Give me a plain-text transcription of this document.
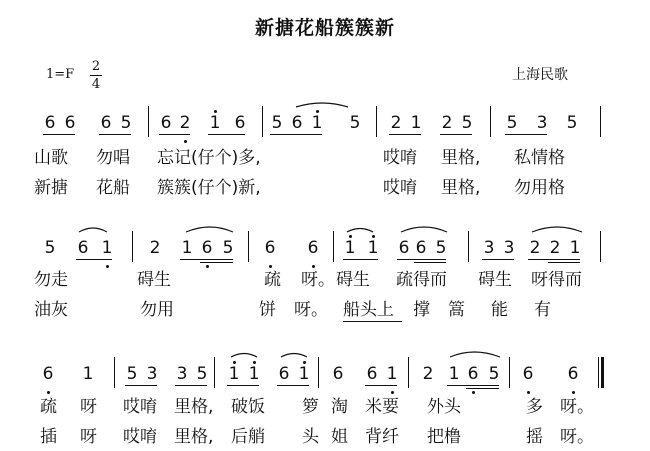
新搪花船簇簇新
$1=F \frac{2}{4}$	上海民歌
6 6 6 5 6 2 1 6 5 6 1 5 2 1 2 5 5 3 5
山歌 勿唱 忘记(仔个)多,	哎唷 里格, 私情格
新搪 花船 簇簇(仔个)新,	哎唷 里格, 勿用格
5 6 1 2 1 6 5 6 6 1 1 6 6 5 3 3 2 2 1
勿走	碍生	疏 呀。 碍生 疏得而 碍生 呀得而
油灰	勿用	饼 呀。 船头上 撑 篙 能 有
6 1 5 3 3 5 1 1 6 1 6 6 1 2 1 6 5 6 6
疏 呀 哎唷 里格, 破饭 箩 淘 米要 外头	多 呀。
插 呀 哎唷 里格, 后艄 头 姐 背纤 把橹	摇 呀。
